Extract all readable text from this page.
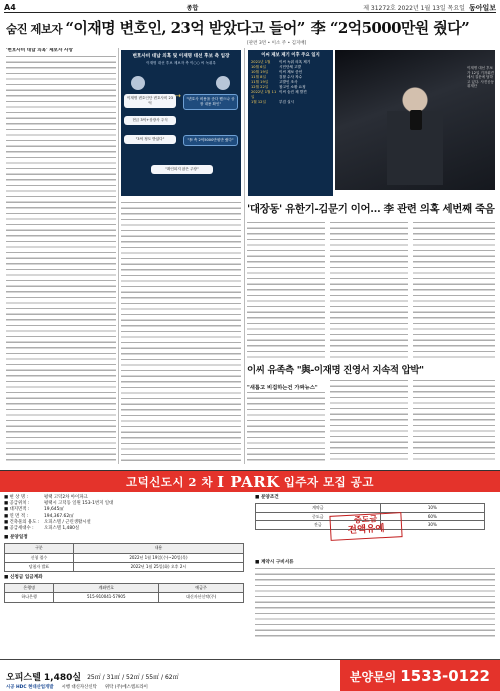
A4	종합	제 31272호 2022년 1월 13일 목요일 동아일보
숨진 제보자 “이재명 변호인, 23억 받았다고 들어” 李 “2억5000만원 줬다”
[관련 3면 • 이소 주 • 김지배]
'변호사비 대납 의혹' 제보자 사망
변호사비 대납 의혹 및 이재명 대선 후보 측 입장
이재명 대선 후보 제보자 측 이○○ 씨 녹취록
이재명 변호인단 변호사비 23억
"변호사 비용을 준다 했으나 상장 내용 확인"
→
현금 3억+상장사 주식
"3억 정도 받았다"	"李 측 2억5000만원만 줬다"
"확인되지 않은 주장"
이씨 제보 제기 이후 주요 일지
2021년 1월	이씨 녹취 의혹 제기
10월 6일	시민단체 고발
10월 19일	이씨 제보 증언
11월 8일	검찰 수사 착수
11월 19일	고발인 조사
12월 22일	참고인 소환 요청
2022년 1월 11일
이씨 숨진 채 발견
1월 12일	부검 실시
이재명 대선 후보가 12일 기자회견에서 질문에 답하고 있다. 사진공동취재단
'대장동' 유한기-김문기 이어… 李 관련 의혹 세번째 죽음
이씨 유족측 "與-이재명 진영서 지속적 압박"
"새롭고 비겁하는건 가짜뉴스"
고덕신도시 2 차 I PARK 입주자 모집 공고
■ 현 상 명 :	평택 고덕2차 아이파크
■ 공급위치 :	평택시 고덕동 일원 153-1번지 일대
■ 대지면적 :	19,645㎡
■ 연 면 적 :	194,367.62㎡
■ 건축물의 용도 :	오피스텔 / 근린생활시설
■ 공급세대수 :	오피스텔 1,480실
■ 분양일정
구분	내용
신청 접수	2022년 1월 19일(수)~20일(목)
당첨자 발표	2022년 1월 25일(화) 오후 2시
■ 신청금 입금계좌
은행명	계좌번호	예금주
하나은행	515-910041-57905	대신자산신탁(주)
■ 분양조건
계약금	10%
중도금	60%
잔금	30%
■ 계약시 구비서류
중도금
전액유예
오피스텔 1,480실 25㎡ / 31㎡ / 52㎡ / 55㎡ / 62㎡
시공 HDC 현대산업개발 시행 대신자산신탁 위탁 (주)에스엠프라이
분양문의 1533-0122
